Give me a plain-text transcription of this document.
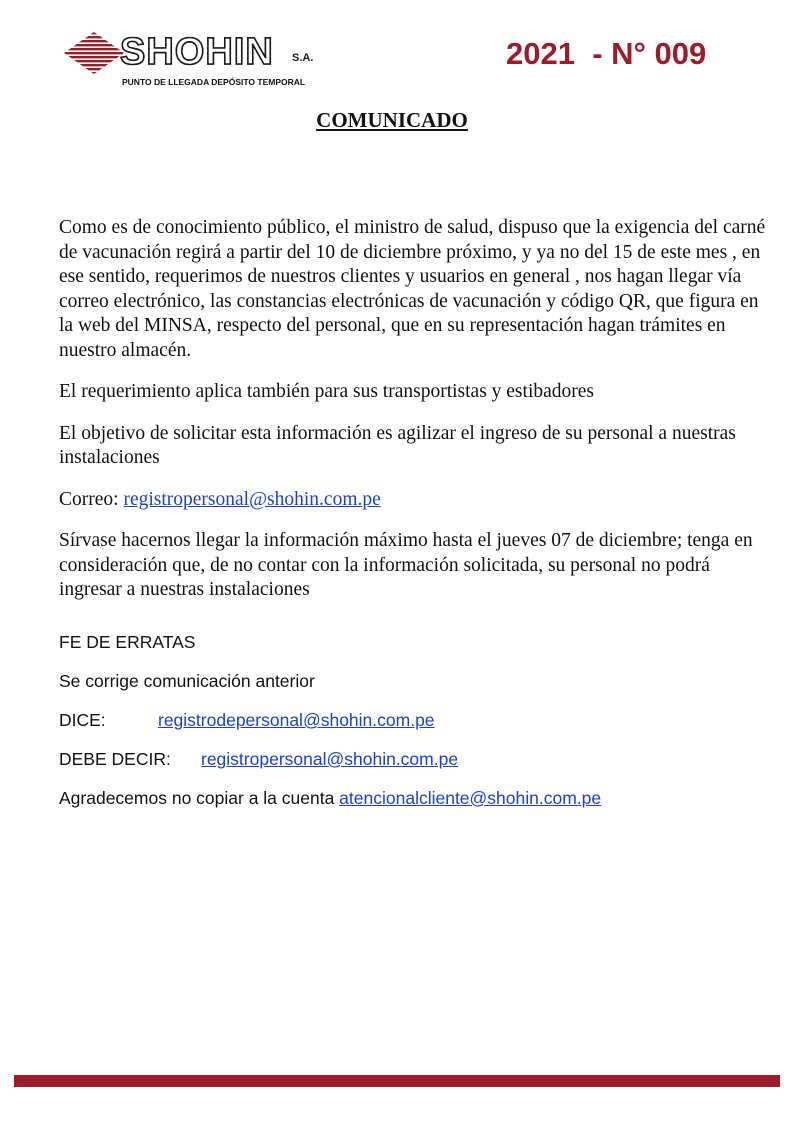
SHOHIN S.A.
PUNTO DE LLEGADA DEPÓSITO TEMPORAL
2021  - N° 009
COMUNICADO

Como es de conocimiento público, el ministro de salud, dispuso que la exigencia del carné de vacunación regirá a partir del 10 de diciembre próximo, y ya no del 15 de este mes , en ese sentido, requerimos de nuestros clientes y usuarios en general , nos hagan llegar vía correo electrónico, las constancias electrónicas de vacunación y código QR, que figura en la web del MINSA, respecto del personal, que en su representación hagan trámites en nuestro almacén.

El requerimiento aplica también para sus transportistas y estibadores

El objetivo de solicitar esta información es agilizar el ingreso de su personal a nuestras instalaciones

Correo: registropersonal@shohin.com.pe

Sírvase hacernos llegar la información máximo hasta el jueves 07 de diciembre; tenga en consideración que, de no contar con la información solicitada, su personal no podrá ingresar a nuestras instalaciones

FE DE ERRATAS

Se corrige comunicación anterior

DICE:	registrodepersonal@shohin.com.pe

DEBE DECIR: registropersonal@shohin.com.pe

Agradecemos no copiar a la cuenta atencionalcliente@shohin.com.pe
